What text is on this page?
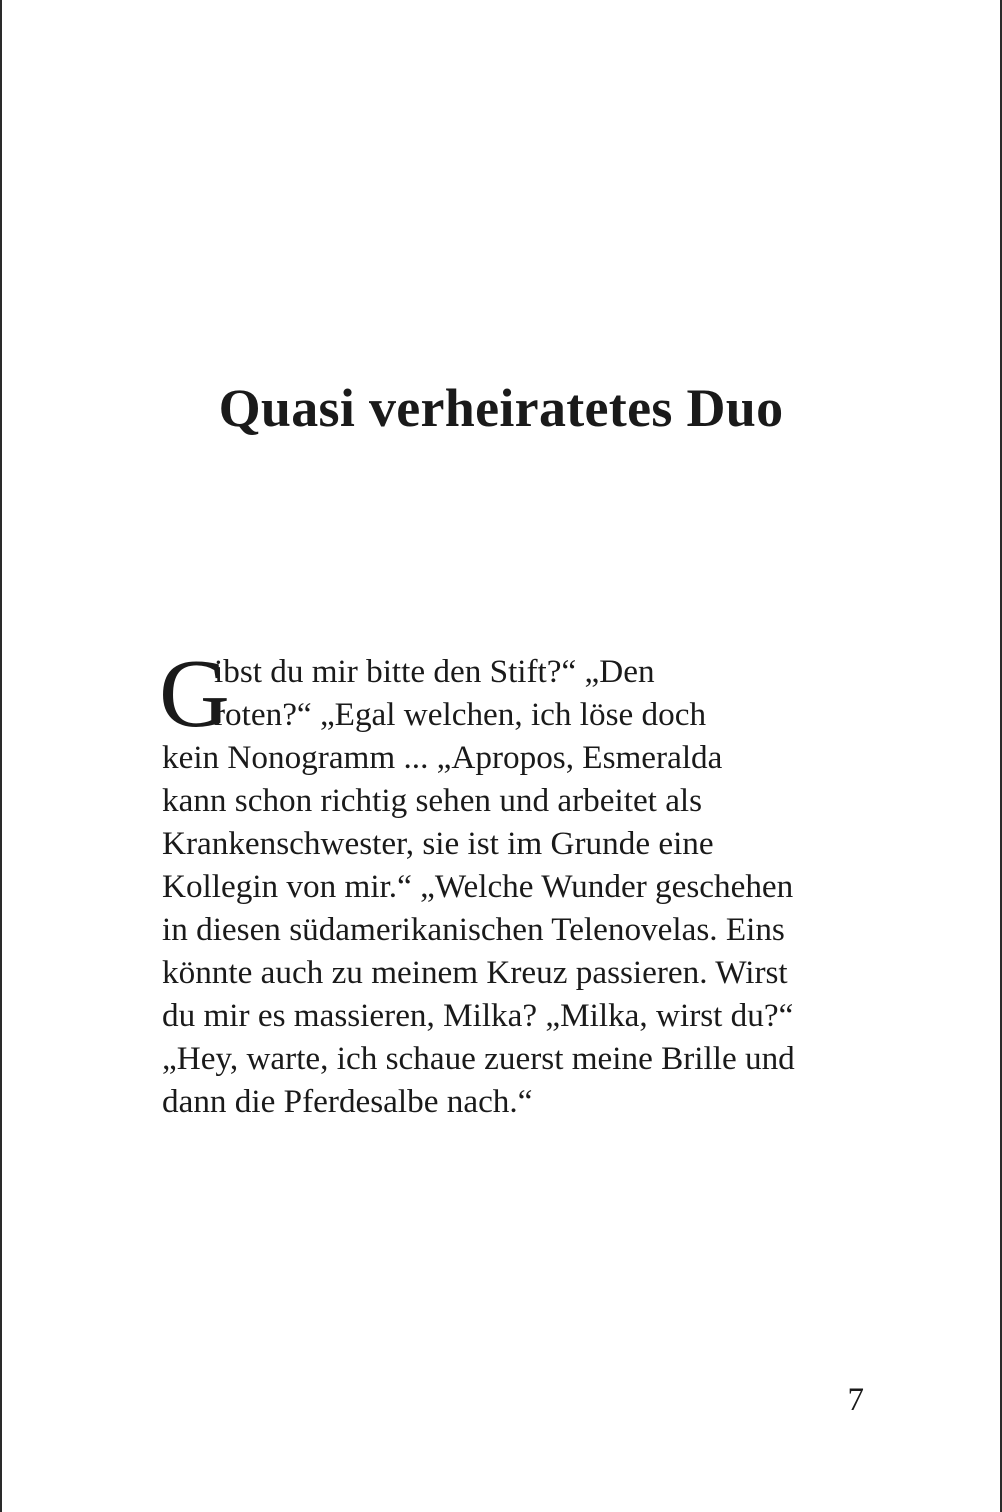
Quasi verheiratetes Duo
G
ibst du mir bitte den Stift?“ „Den
roten?“ „Egal welchen, ich löse doch
kein Nonogramm ... „Apropos, Esmeralda
kann schon richtig sehen und arbeitet als
Krankenschwester, sie ist im Grunde eine
Kollegin von mir.“ „Welche Wunder geschehen
in diesen südamerikanischen Telenovelas. Eins
könnte auch zu meinem Kreuz passieren. Wirst
du mir es massieren, Milka? „Milka, wirst du?“
„Hey, warte, ich schaue zuerst meine Brille und
dann die Pferdesalbe nach.“
7
